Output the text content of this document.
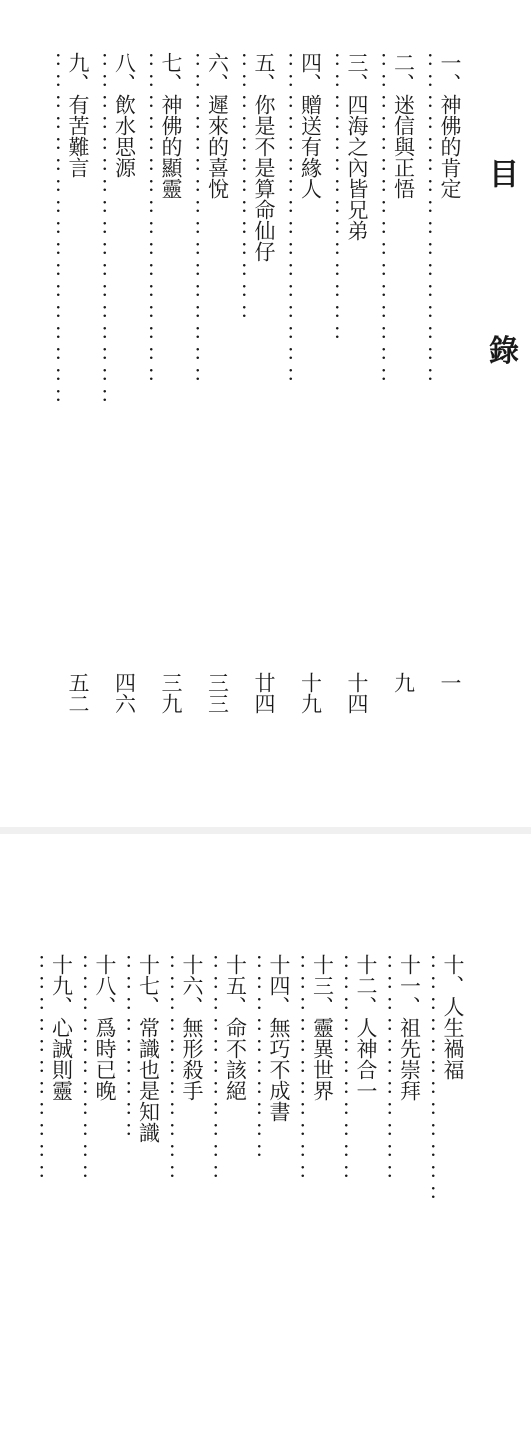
目 錄
一、神佛的肯定
：：：：：：：：：：：：：：：：
一
二、迷信與正悟
：：：：：：：：：：：：：：：：
九
三、四海之內皆兄弟
：：：：：：：：：：：：：：
十四
四、贈送有緣人
：：：：：：：：：：：：：：：：
十九
五、你是不是算命仙仔
：：：：：：：：：：：：：
廿四
六、遲來的喜悅
：：：：：：：：：：：：：：：：
三三
七、神佛的顯靈
：：：：：：：：：：：：：：：：
三九
八、飲水思源
：：：：：：：：：：：：：：：：：
四六
九、有苦難言
：：：：：：：：：：：：：：：：：
五二
十、人生禍福
：：：：：：：：：：：：
十一、祖先崇拜
：：：：：：：：：：：
十二、人神合一
：：：：：：：：：：：
十三、靈異世界
：：：：：：：：：：：
十四、無巧不成書
：：：：：：：：：：
十五、命不該絕
：：：：：：：：：：：
十六、無形殺手
：：：：：：：：：：：
十七、常識也是知識
：：：：：：：：：
十八、爲時已晚
：：：：：：：：：：：
十九、心誠則靈
：：：：：：：：：：：
